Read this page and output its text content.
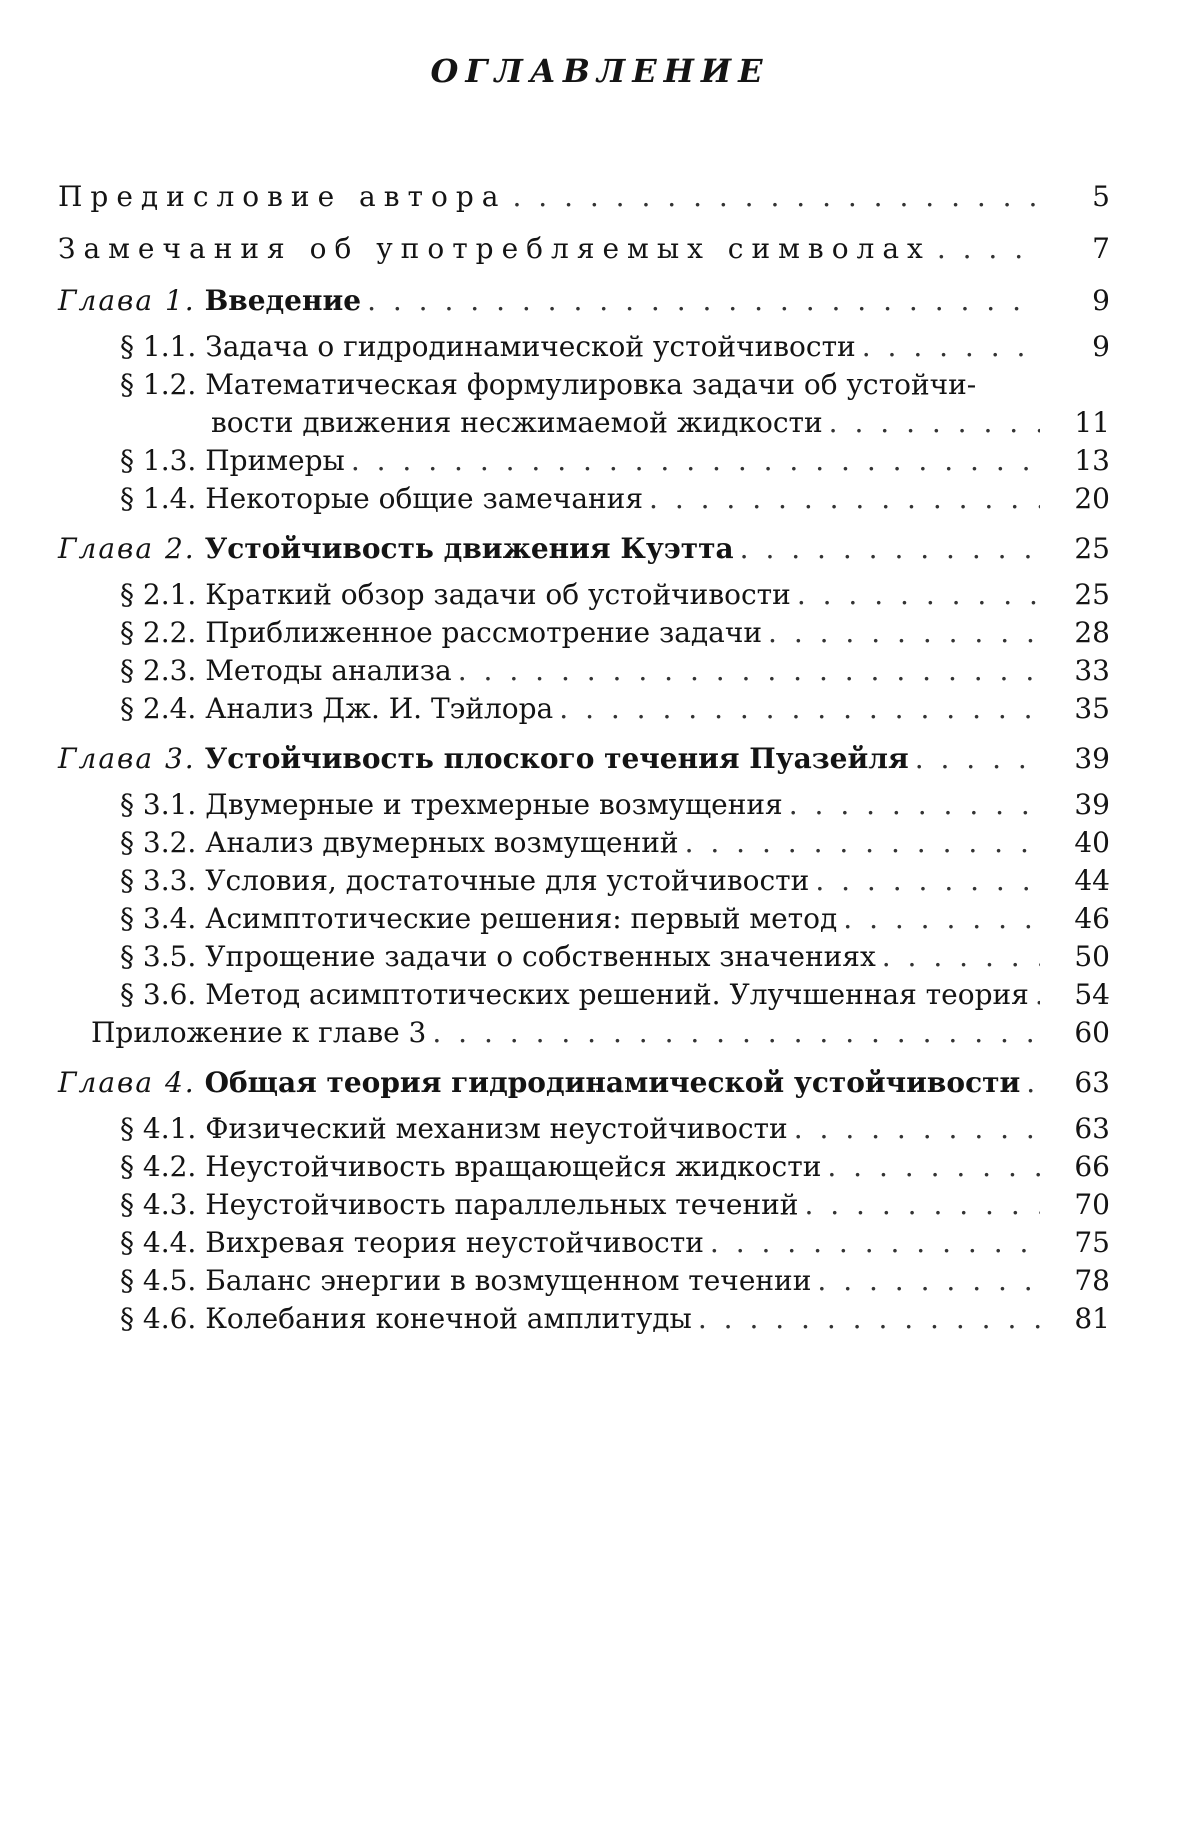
ОГЛАВЛЕНИЕ
Предисловие автора . . .	5
Замечания об употребляемых символах . . .	7
Глава 1. Введение . . .	9
§ 1.1. Задача о гидродинамической устойчивости . . .	9
§ 1.2. Математическая формулировка задачи об устойчи-
вости движения несжимаемой жидкости . . .	11
§ 1.3. Примеры . . .	13
§ 1.4. Некоторые общие замечания . . .	20
Глава 2. Устойчивость движения Куэтта . . .	25
§ 2.1. Краткий обзор задачи об устойчивости . . .	25
§ 2.2. Приближенное рассмотрение задачи . . .	28
§ 2.3. Методы анализа . . .	33
§ 2.4. Анализ Дж. И. Тэйлора . . .	35
Глава 3. Устойчивость плоского течения Пуазейля . . .	39
§ 3.1. Двумерные и трехмерные возмущения . . .	39
§ 3.2. Анализ двумерных возмущений . . .	40
§ 3.3. Условия, достаточные для устойчивости . . .	44
§ 3.4. Асимптотические решения: первый метод . . .	46
§ 3.5. Упрощение задачи о собственных значениях . . .	50
§ 3.6. Метод асимптотических решений. Улучшенная теория . . .	54
Приложение к главе 3 . . .	60
Глава 4. Общая теория гидродинамической устойчивости . . .	63
§ 4.1. Физический механизм неустойчивости . . .	63
§ 4.2. Неустойчивость вращающейся жидкости . . .	66
§ 4.3. Неустойчивость параллельных течений . . .	70
§ 4.4. Вихревая теория неустойчивости . . .	75
§ 4.5. Баланс энергии в возмущенном течении . . .	78
§ 4.6. Колебания конечной амплитуды . . .	81
